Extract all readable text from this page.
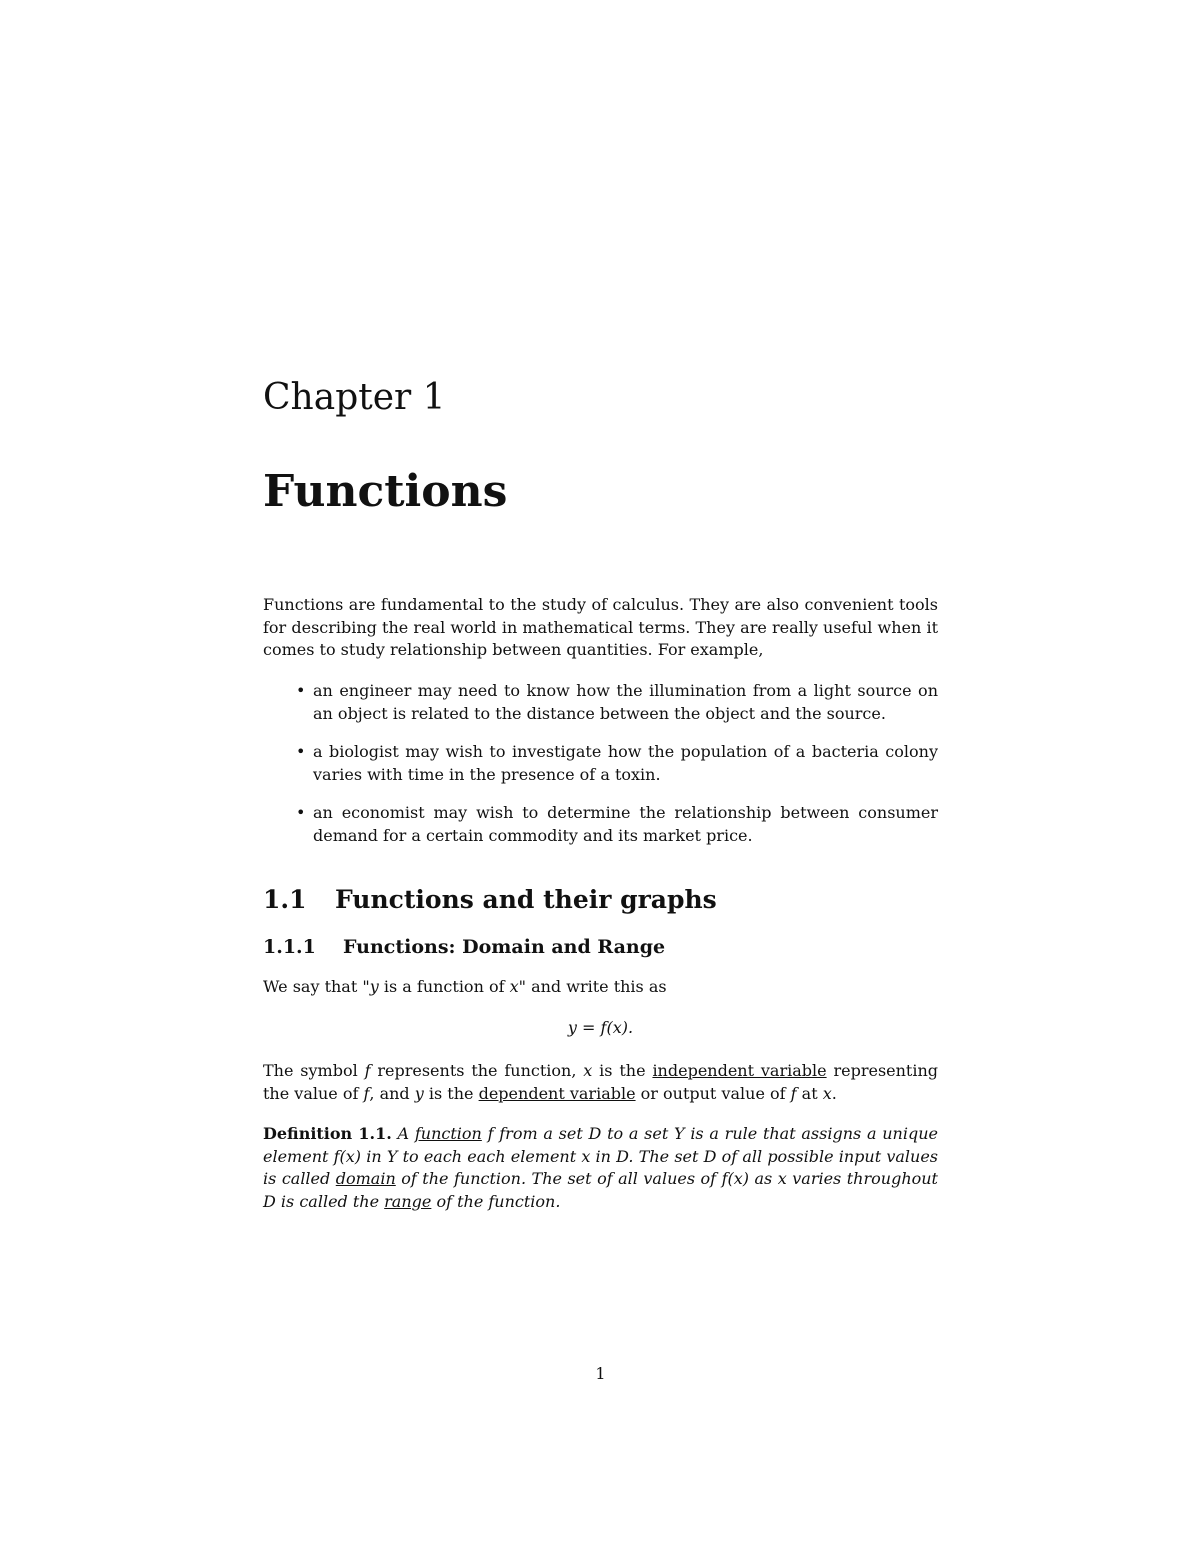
Chapter 1
Functions

Functions are fundamental to the study of calculus. They are also convenient tools for describing the real world in mathematical terms. They are really useful when it comes to study relationship between quantities. For example,

• an engineer may need to know how the illumination from a light source on an object is related to the distance between the object and the source.
• a biologist may wish to investigate how the population of a bacteria colony varies with time in the presence of a toxin.
• an economist may wish to determine the relationship between consumer demand for a certain commodity and its market price.
1.1 Functions and their graphs
1.1.1 Functions: Domain and Range

We say that "y is a function of x" and write this as

y = f(x).

The symbol f represents the function, x is the independent variable representing the value of f, and y is the dependent variable or output value of f at x.

Definition 1.1. A function f from a set D to a set Y is a rule that assigns a unique element f(x) in Y to each each element x in D. The set D of all possible input values is called domain of the function. The set of all values of f(x) as x varies throughout D is called the range of the function.

1
